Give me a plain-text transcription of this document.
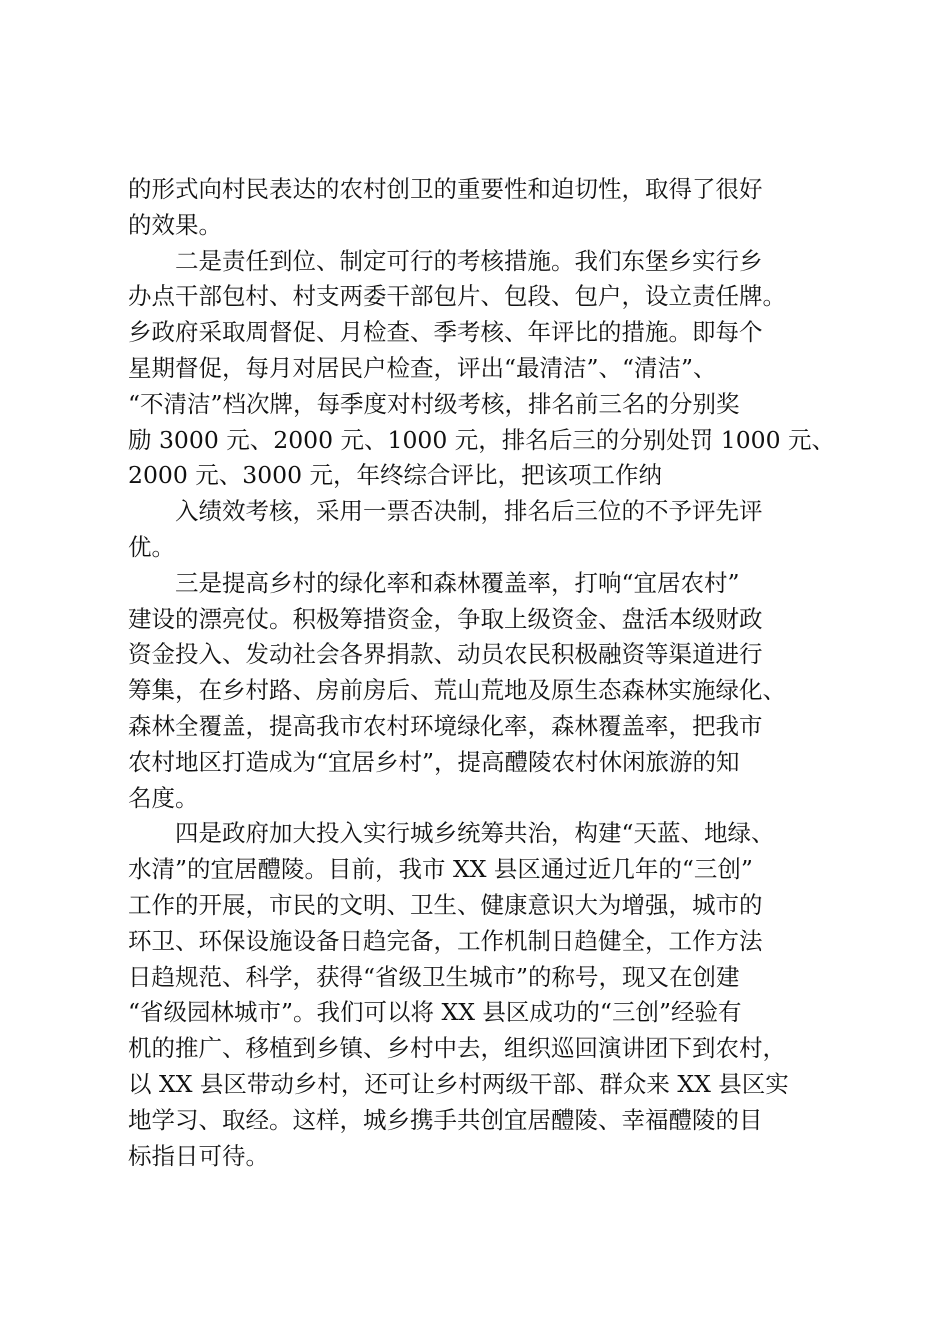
的形式向村民表达的农村创卫的重要性和迫切性，取得了很好
的效果。
　　二是责任到位、制定可行的考核措施。我们东堡乡实行乡
办点干部包村、村支两委干部包片、包段、包户，设立责任牌。
乡政府采取周督促、月检查、季考核、年评比的措施。即每个
星期督促，每月对居民户检查，评出“最清洁”、“清洁”、
“不清洁”档次牌，每季度对村级考核，排名前三名的分别奖
励 3000 元、2000 元、1000 元，排名后三的分别处罚 1000 元、
2000 元、3000 元，年终综合评比，把该项工作纳
　　入绩效考核，采用一票否决制，排名后三位的不予评先评
优。
　　三是提高乡村的绿化率和森林覆盖率，打响“宜居农村”
建设的漂亮仗。积极筹措资金，争取上级资金、盘活本级财政
资金投入、发动社会各界捐款、动员农民积极融资等渠道进行
筹集，在乡村路、房前房后、荒山荒地及原生态森林实施绿化、
森林全覆盖，提高我市农村环境绿化率，森林覆盖率，把我市
农村地区打造成为“宜居乡村”，提高醴陵农村休闲旅游的知
名度。
　　四是政府加大投入实行城乡统筹共治，构建“天蓝、地绿、
水清”的宜居醴陵。目前，我市 XX 县区通过近几年的“三创”
工作的开展，市民的文明、卫生、健康意识大为增强，城市的
环卫、环保设施设备日趋完备，工作机制日趋健全，工作方法
日趋规范、科学，获得“省级卫生城市”的称号，现又在创建
“省级园林城市”。我们可以将 XX 县区成功的“三创”经验有
机的推广、移植到乡镇、乡村中去，组织巡回演讲团下到农村，
以 XX 县区带动乡村，还可让乡村两级干部、群众来 XX 县区实
地学习、取经。这样，城乡携手共创宜居醴陵、幸福醴陵的目
标指日可待。
